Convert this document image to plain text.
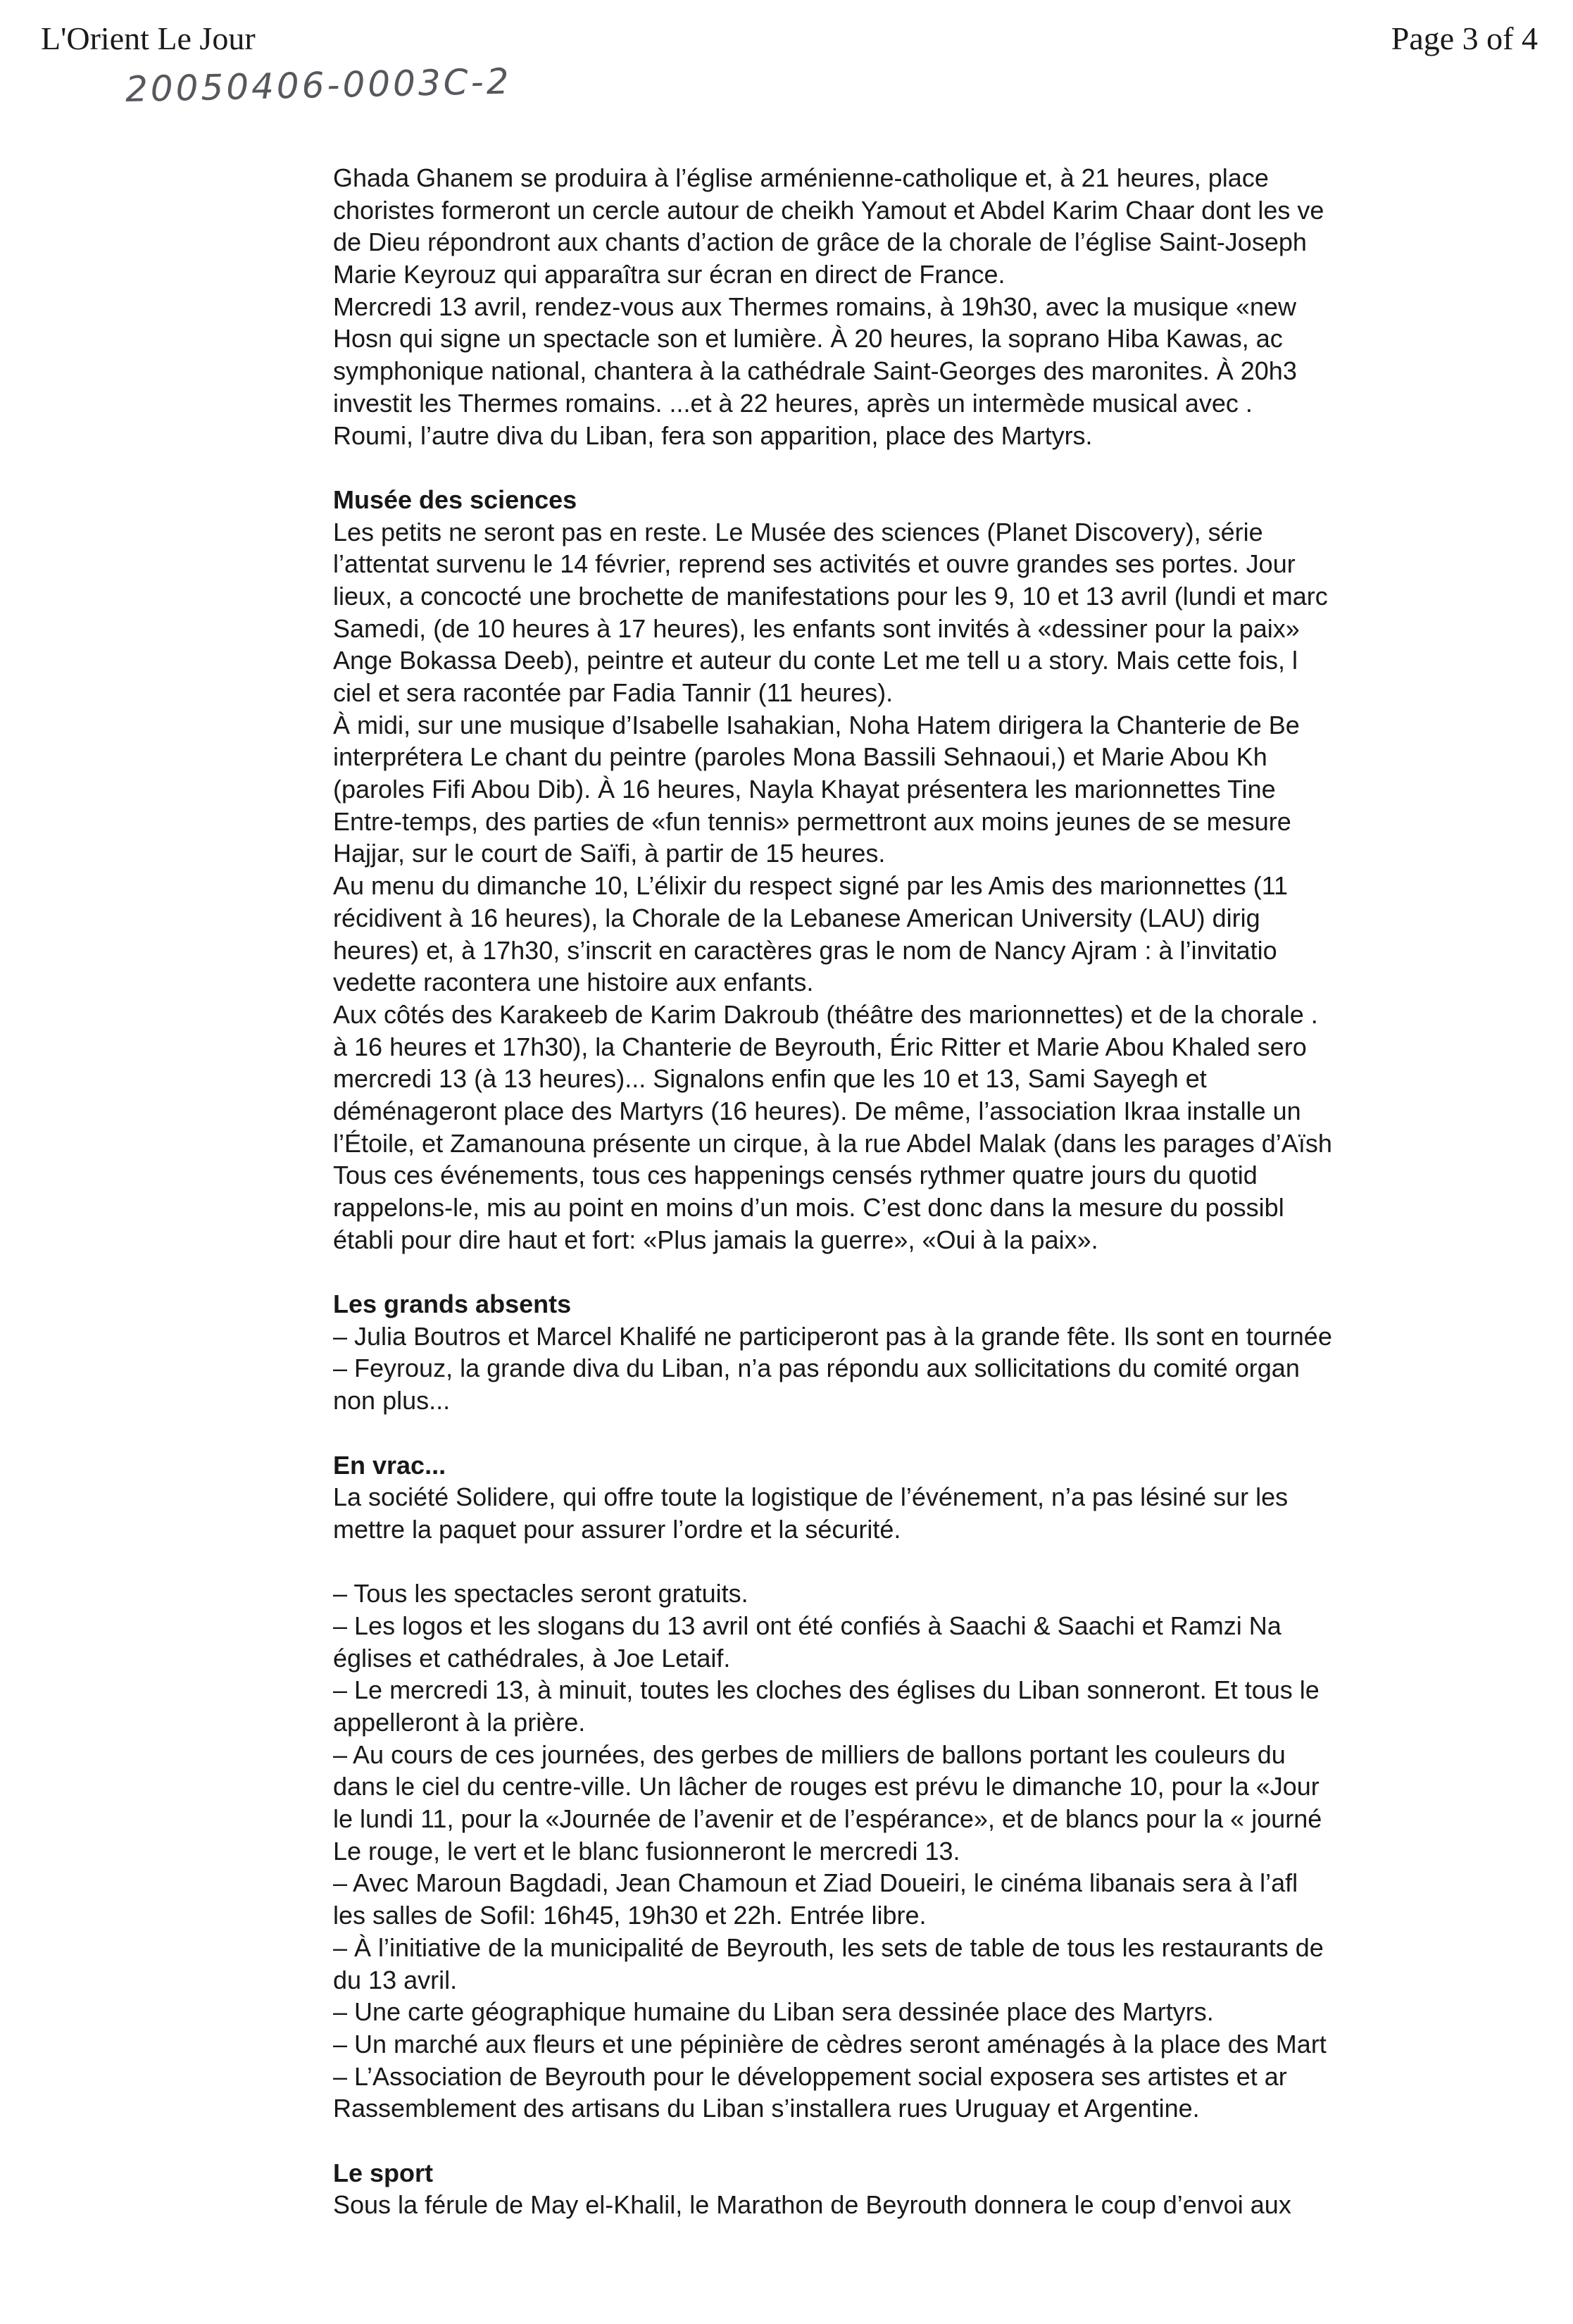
L'Orient Le Jour	Page 3 of 4
20050406-0003C-2
Ghada Ghanem se produira à l’église arménienne-catholique et, à 21 heures, place
choristes formeront un cercle autour de cheikh Yamout et Abdel Karim Chaar dont les ve
de Dieu répondront aux chants d’action de grâce de la chorale de l’église Saint-Joseph
Marie Keyrouz qui apparaîtra sur écran en direct de France.
Mercredi 13 avril, rendez-vous aux Thermes romains, à 19h30, avec la musique «new
Hosn qui signe un spectacle son et lumière. À 20 heures, la soprano Hiba Kawas, ac
symphonique national, chantera à la cathédrale Saint-Georges des maronites. À 20h3
investit les Thermes romains. ...et à 22 heures, après un intermède musical avec .
Roumi, l’autre diva du Liban, fera son apparition, place des Martyrs.
Musée des sciences
Les petits ne seront pas en reste. Le Musée des sciences (Planet Discovery), série
l’attentat survenu le 14 février, reprend ses activités et ouvre grandes ses portes. Jour
lieux, a concocté une brochette de manifestations pour les 9, 10 et 13 avril (lundi et marc
Samedi, (de 10 heures à 17 heures), les enfants sont invités à «dessiner pour la paix»
Ange Bokassa Deeb), peintre et auteur du conte Let me tell u a story. Mais cette fois, l
ciel et sera racontée par Fadia Tannir (11 heures).
À midi, sur une musique d’Isabelle Isahakian, Noha Hatem dirigera la Chanterie de Be
interprétera Le chant du peintre (paroles Mona Bassili Sehnaoui,) et Marie Abou Kh
(paroles Fifi Abou Dib). À 16 heures, Nayla Khayat présentera les marionnettes Tine
Entre-temps, des parties de «fun tennis» permettront aux moins jeunes de se mesure
Hajjar, sur le court de Saïfi, à partir de 15 heures.
Au menu du dimanche 10, L’élixir du respect signé par les Amis des marionnettes (11
récidivent à 16 heures), la Chorale de la Lebanese American University (LAU) dirig
heures) et, à 17h30, s’inscrit en caractères gras le nom de Nancy Ajram : à l’invitatio
vedette racontera une histoire aux enfants.
Aux côtés des Karakeeb de Karim Dakroub (théâtre des marionnettes) et de la chorale .
à 16 heures et 17h30), la Chanterie de Beyrouth, Éric Ritter et Marie Abou Khaled sero
mercredi 13 (à 13 heures)... Signalons enfin que les 10 et 13, Sami Sayegh et
déménageront place des Martyrs (16 heures). De même, l’association Ikraa installe un
l’Étoile, et Zamanouna présente un cirque, à la rue Abdel Malak (dans les parages d’Aïsh
Tous ces événements, tous ces happenings censés rythmer quatre jours du quotid
rappelons-le, mis au point en moins d’un mois. C’est donc dans la mesure du possibl
établi pour dire haut et fort: «Plus jamais la guerre», «Oui à la paix».
Les grands absents
– Julia Boutros et Marcel Khalifé ne participeront pas à la grande fête. Ils sont en tournée
– Feyrouz, la grande diva du Liban, n’a pas répondu aux sollicitations du comité organ
non plus...
En vrac...
La société Solidere, qui offre toute la logistique de l’événement, n’a pas lésiné sur les
mettre la paquet pour assurer l’ordre et la sécurité.
– Tous les spectacles seront gratuits.
– Les logos et les slogans du 13 avril ont été confiés à Saachi & Saachi et Ramzi Na
églises et cathédrales, à Joe Letaif.
– Le mercredi 13, à minuit, toutes les cloches des églises du Liban sonneront. Et tous le
appelleront à la prière.
– Au cours de ces journées, des gerbes de milliers de ballons portant les couleurs du
dans le ciel du centre-ville. Un lâcher de rouges est prévu le dimanche 10, pour la «Jour
le lundi 11, pour la «Journée de l’avenir et de l’espérance», et de blancs pour la « journé
Le rouge, le vert et le blanc fusionneront le mercredi 13.
– Avec Maroun Bagdadi, Jean Chamoun et Ziad Doueiri, le cinéma libanais sera à l’afl
les salles de Sofil: 16h45, 19h30 et 22h. Entrée libre.
– À l’initiative de la municipalité de Beyrouth, les sets de table de tous les restaurants de
du 13 avril.
– Une carte géographique humaine du Liban sera dessinée place des Martyrs.
– Un marché aux fleurs et une pépinière de cèdres seront aménagés à la place des Mart
– L’Association de Beyrouth pour le développement social exposera ses artistes et ar
Rassemblement des artisans du Liban s’installera rues Uruguay et Argentine.
Le sport
Sous la férule de May el-Khalil, le Marathon de Beyrouth donnera le coup d’envoi aux
